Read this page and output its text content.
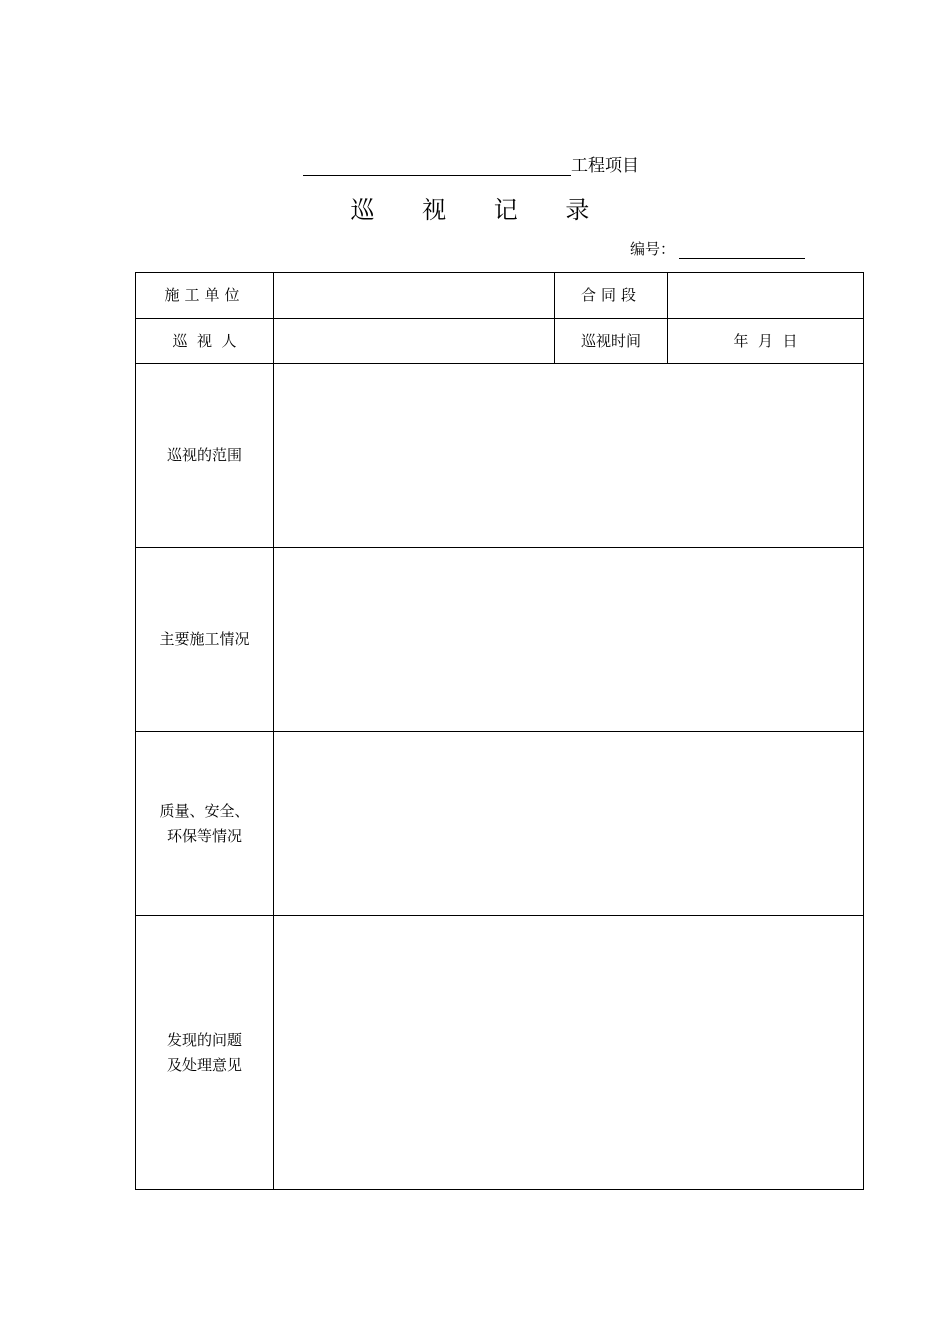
工程项目
巡 视 记 录
编号：
施工单位		合同段	
巡  视  人		巡视时间	年  月  日
巡视的范围			
主要施工情况			

质量、安全、
环保等情况			

发现的问题
及处理意见			
